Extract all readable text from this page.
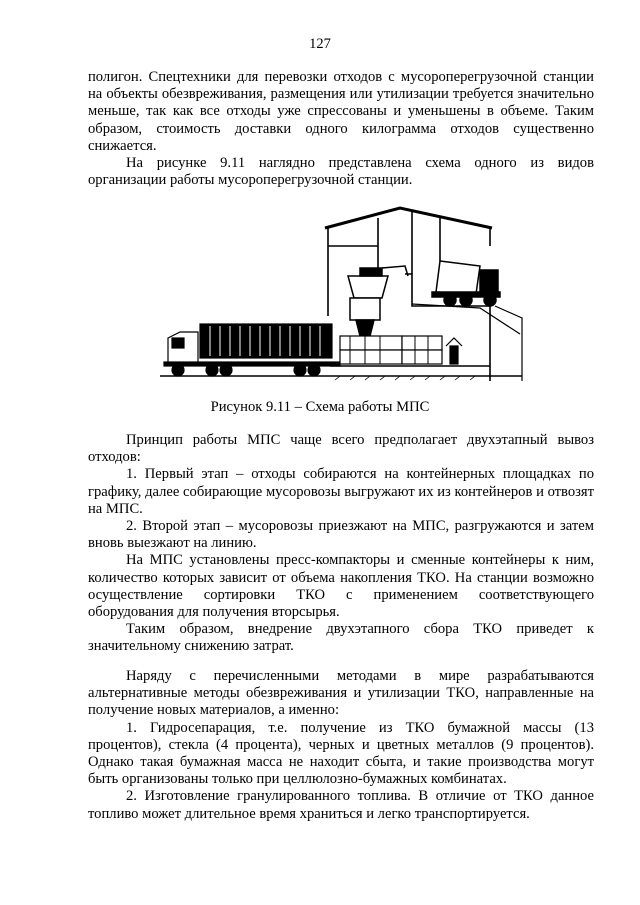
127

полигон. Спецтехники для перевозки отходов с мусороперегрузочной станции на объекты обезвреживания, размещения или утилизации требуется значительно меньше, так как все отходы уже спрессованы и уменьшены в объеме. Таким образом, стоимость доставки одного килограмма отходов существенно снижается.

На рисунке 9.11 наглядно представлена схема одного из видов организации работы мусороперегрузочной станции.

Рисунок 9.11 – Схема работы МПС

Принцип работы МПС чаще всего предполагает двухэтапный вывоз отходов:

1. Первый этап – отходы собираются на контейнерных площадках по графику, далее собирающие мусоровозы выгружают их из контейнеров и отвозят на МПС.

2. Второй этап – мусоровозы приезжают на МПС, разгружаются и затем вновь выезжают на линию.

На МПС установлены пресс-компакторы и сменные контейнеры к ним, количество которых зависит от объема накопления ТКО. На станции возможно осуществление сортировки ТКО с применением соответствующего оборудования для получения вторсырья.

Таким образом, внедрение двухэтапного сбора ТКО приведет к значительному снижению затрат.

Наряду с перечисленными методами в мире разрабатываются альтернативные методы обезвреживания и утилизации ТКО, направленные на получение новых материалов, а именно:

1. Гидросепарация, т.е. получение из ТКО бумажной массы (13 процентов), стекла (4 процента), черных и цветных металлов (9 процентов). Однако такая бумажная масса не находит сбыта, и такие производства могут быть организованы только при целлюлозно-бумажных комбинатах.

2. Изготовление гранулированного топлива. В отличие от ТКО данное топливо может длительное время храниться и легко транспортируется.
